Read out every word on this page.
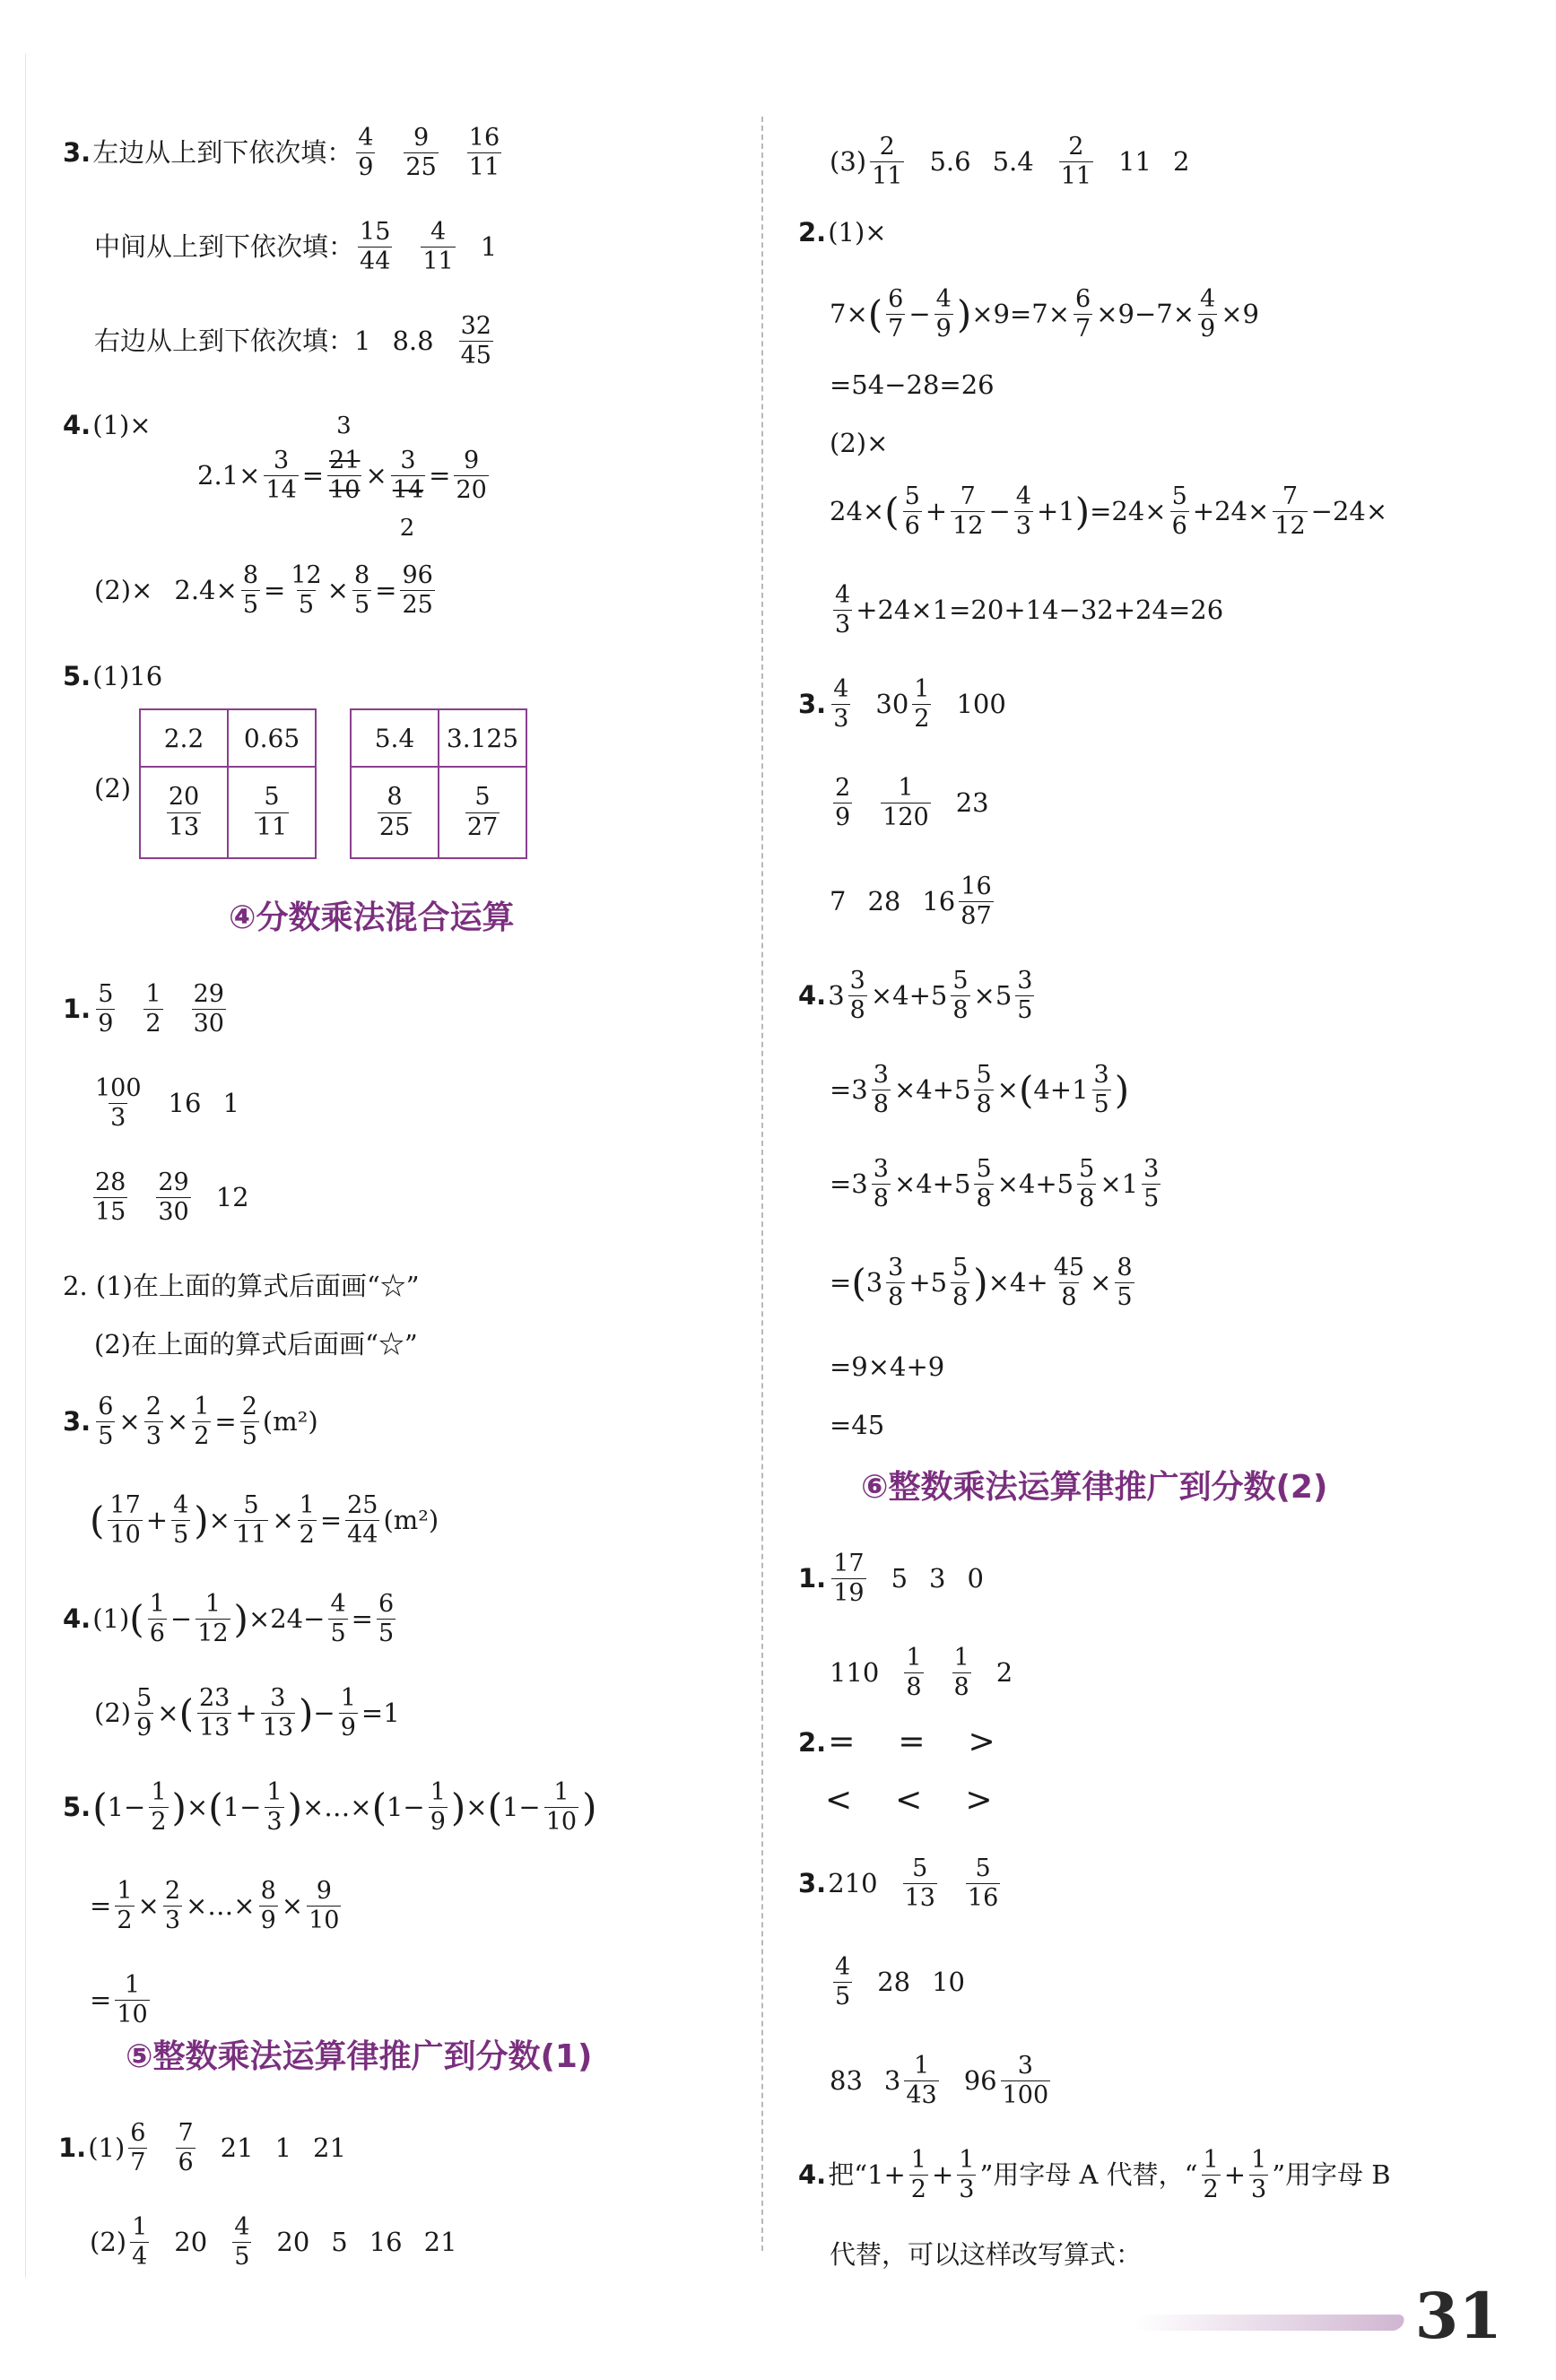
3. 左边从上到下依次填： $\frac{4}{9} \frac{9}{25} \frac{16}{11}$
中间从上到下依次填： $\frac{15}{44} \frac{4}{11} 1$
右边从上到下依次填： 1 $8.8 \frac{32}{45}$
4. (1)×
$2.1\times \frac{3}{14}$ =
3
$\frac{21}{10} \times \frac{3}{14}$
2
= $\frac{9}{20}$
$(2)\times 2.4\times \frac{8}{5} = \frac{12}{5} \times \frac{8}{5} = \frac{96}{25}$
5. (1)16
(2)
2.2	0.65

$\frac{20}{13}$	$\frac{5}{11}$
5.4	3.125

$\frac{8}{25}$	$\frac{5}{27}$
④分数乘法混合运算
1. $\frac{5}{9} \frac{1}{2} \frac{29}{30}$
$\frac{100}{3} 16$ 1
$\frac{28}{15} \frac{29}{30} 12$
2. (1)在上面的算式后面画“☆”
(2)在上面的算式后面画“☆”
3. $\frac{6}{5} \times \frac{2}{3} \times \frac{1}{2} = \frac{2}{5} (m^2)$
( $\frac{17}{10} + \frac{4}{5}$ ) × $\frac{5}{11} \times \frac{1}{2} = \frac{25}{44} (m^2)$
4. (1) ( $\frac{1}{6} - \frac{1}{12}$ ) $\times 24- \frac{4}{5} = \frac{6}{5}$
$(2) \frac{5}{9}$ × ( $\frac{23}{13} + \frac{3}{13}$ ) − $\frac{1}{9} =1$
5. ( $1- \frac{1}{2}$ ) × ( $1- \frac{1}{3}$ ) ×…× ( $1- \frac{1}{9}$ ) × ( $1- \frac{1}{10}$ )
= $\frac{1}{2} \times \frac{2}{3}$ ×…× $\frac{8}{9} \times \frac{9}{10}$
= $\frac{1}{10}$
⑤整数乘法运算律推广到分数(1)
1. $(1) \frac{6}{7} \frac{7}{6} 21$ 1 21
$(2) \frac{1}{4} 20 \frac{4}{5} 20$ 5 16 21
$(3) \frac{2}{11} 5.6$ $5.4 \frac{2}{11} 11$ 2
2. (1)×
7× ( $\frac{6}{7} - \frac{4}{9}$ ) $\times 9=7\times \frac{6}{7} \times 9-7\times \frac{4}{9} \times 9$
=54−28=26
(2)×
24× ( $\frac{5}{6} + \frac{7}{12} - \frac{4}{3} +1$ ) $=24\times \frac{5}{6} +24\times \frac{7}{12} -24\times$
$\frac{4}{3} +24\times 1=20+14-32+24=26$
3. $\frac{4}{3} 30 \frac{1}{2} 100$
$\frac{2}{9} \frac{1}{120} 23$
7 28 $16 \frac{16}{87}$
4. $3 \frac{3}{8} \times 4+5 \frac{5}{8} \times 5 \frac{3}{5}$
$=3 \frac{3}{8} \times 4+5 \frac{5}{8}$ × ( $4+1 \frac{3}{5}$ )
$=3 \frac{3}{8} \times 4+5 \frac{5}{8} \times 4+5 \frac{5}{8} \times 1 \frac{3}{5}$
= ( $3 \frac{3}{8} +5 \frac{5}{8}$ ) $\times 4+ \frac{45}{8} \times \frac{8}{5}$
=9×4+9
=45
⑥整数乘法运算律推广到分数(2)
1. $\frac{17}{19} 5$ 3 0
$110 \frac{1}{8} \frac{1}{8} 2$
2. = = >
< < >
3. $210 \frac{5}{13} \frac{5}{16}$
$\frac{4}{5} 28$ 10
83 $3 \frac{1}{43} 96 \frac{3}{100}$
4. 把“$1+ \frac{1}{2} + \frac{1}{3}$ ”用字母 A 代替，“ $\frac{1}{2} + \frac{1}{3}$ ”用字母 B
代替，可以这样改写算式：
31
